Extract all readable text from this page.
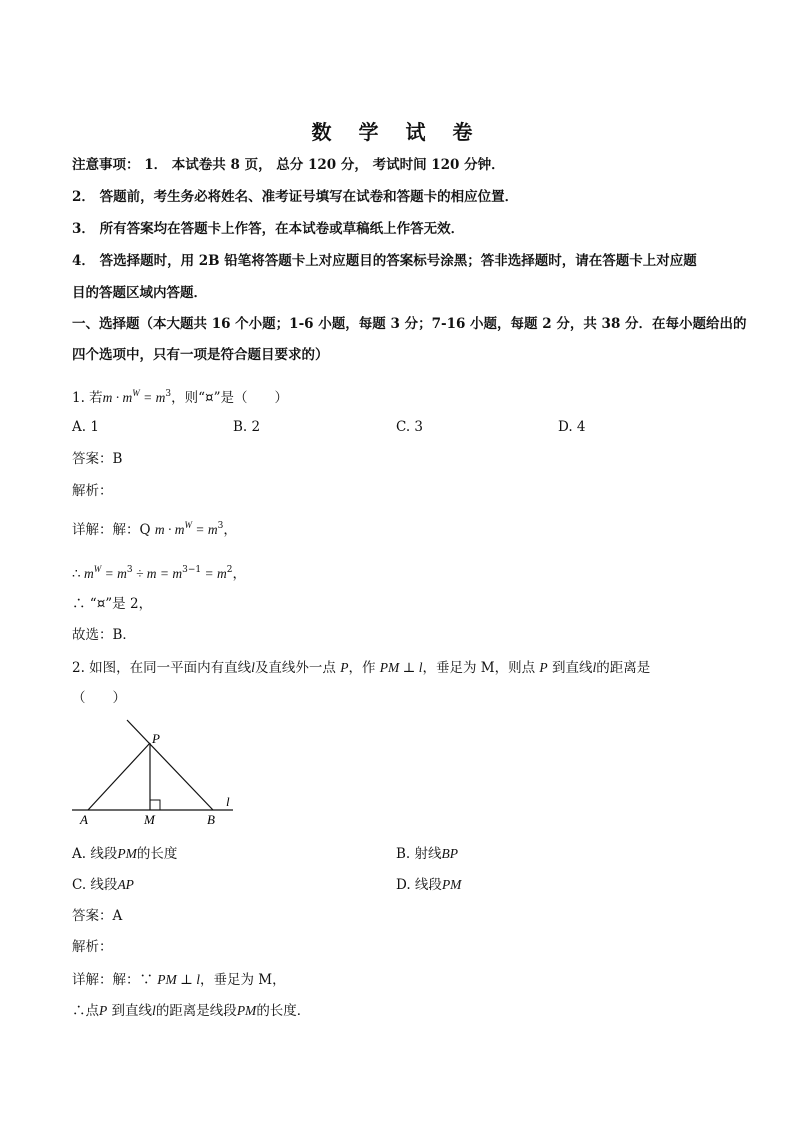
数 学 试 卷
注意事项： 1． 本试卷共 8 页， 总分 120 分， 考试时间 120 分钟．
2． 答题前，考生务必将姓名、准考证号填写在试卷和答题卡的相应位置．
3． 所有答案均在答题卡上作答，在本试卷或草稿纸上作答无效．
4． 答选择题时，用 2B 铅笔将答题卡上对应题目的答案标号涂黑；答非选择题时，请在答题卡上对应题
目的答题区域内答题．
一、选择题（本大题共 16 个小题；1-6 小题，每题 3 分；7-16 小题，每题 2 分，共 38 分．在每小题给出的
四个选项中，只有一项是符合题目要求的）
1. 若$m \cdot m^W = m^3$，则“¤”是（　　）
A. 1	B. 2	C. 3	D. 4
答案：B
解析：
详解：解：Q $m \cdot m^W = m^3$，
∴ $m^W = m^3 \div m = m^{3-1} = m^2$，
∴ “¤”是 2，
故选：B．
2. 如图，在同一平面内有直线l及直线外一点 P，作 PM ⊥ l，垂足为 M，则点 P 到直线l的距离是
（　　）
P
A	M	B
l
A. 线段PM的长度	B. 射线BP
C. 线段AP	D. 线段PM
答案：A
解析：
详解：解：∵ PM ⊥ l，垂足为 M，
∴点P 到直线l的距离是线段PM的长度．
